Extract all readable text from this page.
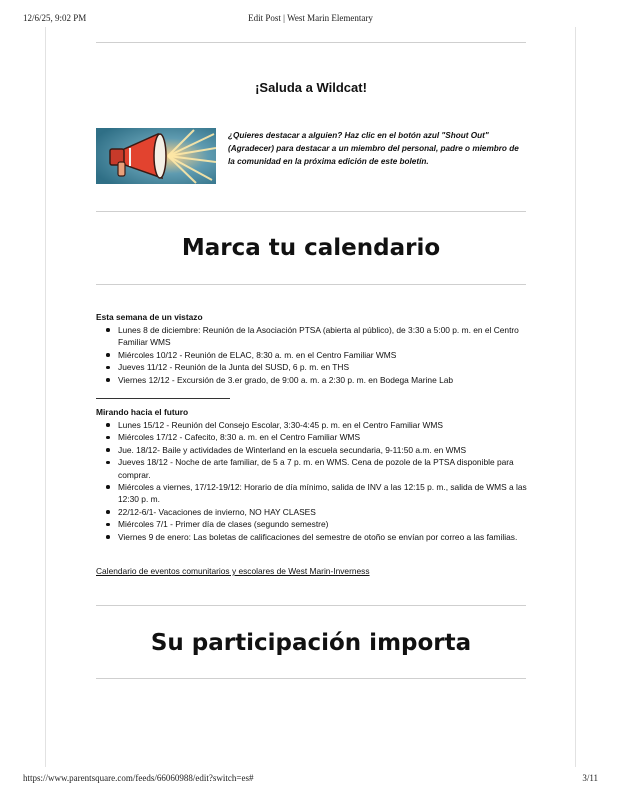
12/6/25, 9:02 PM	Edit Post | West Marin Elementary
¡Saluda a Wildcat!
¿Quieres destacar a alguien? Haz clic en el botón azul "Shout Out" (Agradecer) para destacar a un miembro del personal, padre o miembro de la comunidad en la próxima edición de este boletín.
Marca tu calendario
Esta semana de un vistazo
Lunes 8 de diciembre: Reunión de la Asociación PTSA (abierta al público), de 3:30 a 5:00 p. m. en el Centro Familiar WMS
Miércoles 10/12 - Reunión de ELAC, 8:30 a. m. en el Centro Familiar WMS
Jueves 11/12 - Reunión de la Junta del SUSD, 6 p. m. en THS
Viernes 12/12 - Excursión de 3.er grado, de 9:00 a. m. a 2:30 p. m. en Bodega Marine Lab
Mirando hacia el futuro
Lunes 15/12 - Reunión del Consejo Escolar, 3:30-4:45 p. m. en el Centro Familiar WMS
Miércoles 17/12 - Cafecito, 8:30 a. m. en el Centro Familiar WMS
Jue. 18/12- Baile y actividades de Winterland en la escuela secundaria, 9-11:50 a.m. en WMS
Jueves 18/12 - Noche de arte familiar, de 5 a 7 p. m. en WMS. Cena de pozole de la PTSA disponible para comprar.
Miércoles a viernes, 17/12-19/12: Horario de día mínimo, salida de INV a las 12:15 p. m., salida de WMS a las 12:30 p. m.
22/12-6/1- Vacaciones de invierno, NO HAY CLASES
Miércoles 7/1 - Primer día de clases (segundo semestre)
Viernes 9 de enero: Las boletas de calificaciones del semestre de otoño se envían por correo a las familias.
Calendario de eventos comunitarios y escolares de West Marin-Inverness
Su participación importa
https://www.parentsquare.com/feeds/66060988/edit?switch=es#	3/11
